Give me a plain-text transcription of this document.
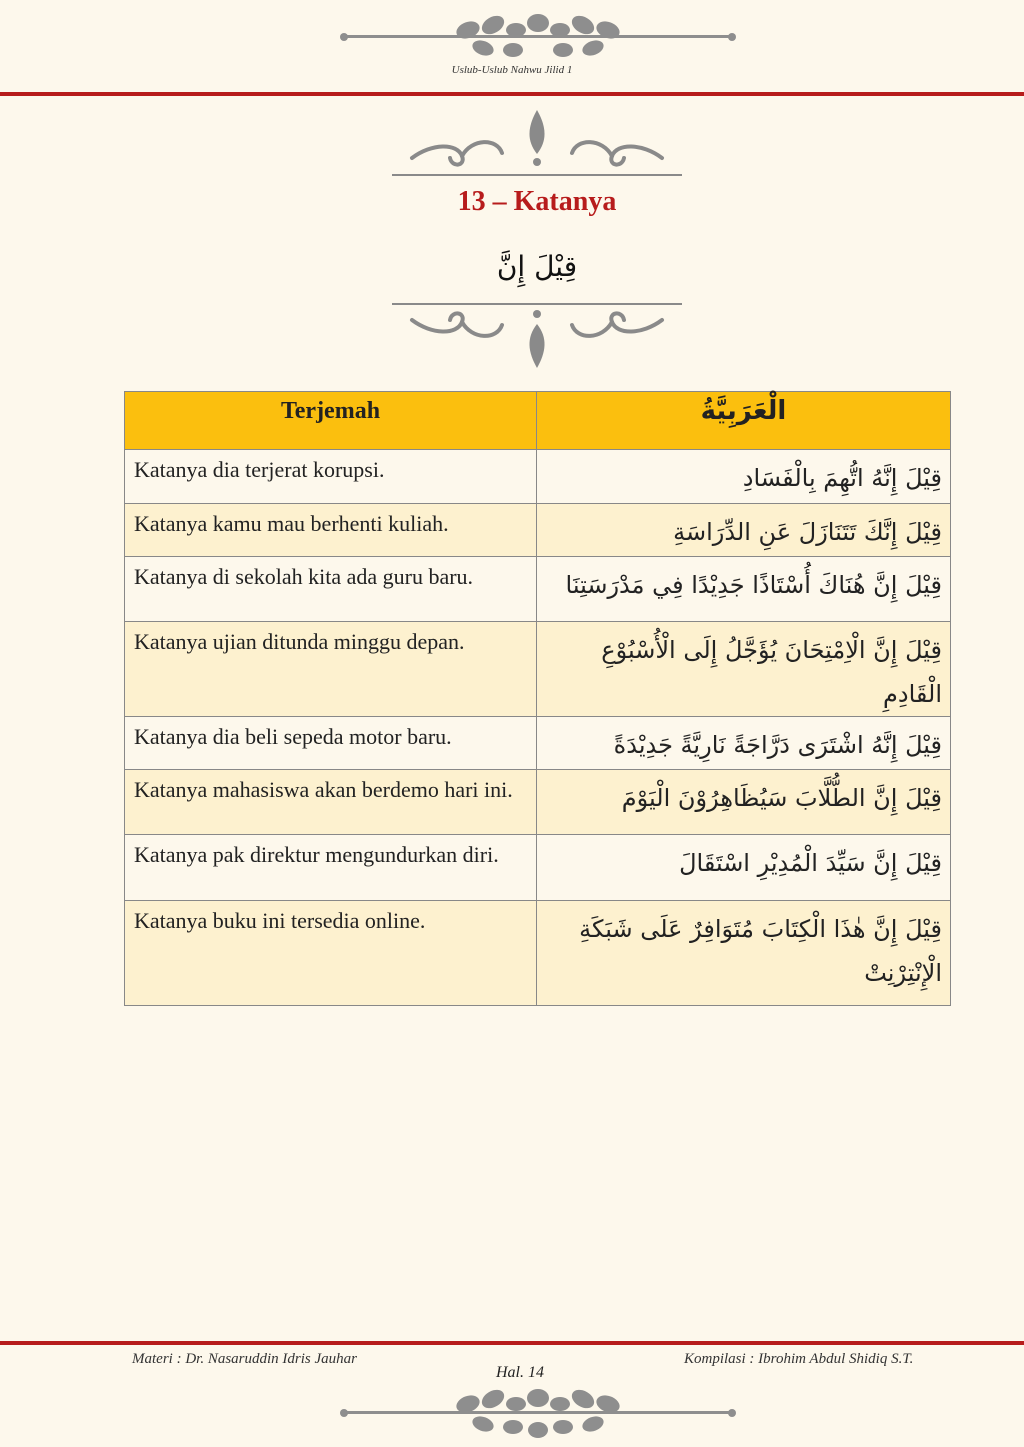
Uslub-Uslub Nahwu Jilid 1
13 – Katanya
قِيْلَ إِنَّ
Terjemah	الْعَرَبِيَّةُ
Katanya dia terjerat korupsi.	قِيْلَ إِنَّهُ اتُّهِمَ بِالْفَسَادِ
Katanya kamu mau berhenti kuliah.	قِيْلَ إِنَّكَ تَتَنَازَلَ عَنِ الدِّرَاسَةِ
Katanya di sekolah kita ada guru baru.	قِيْلَ إِنَّ هُنَاكَ أُسْتَاذًا جَدِيْدًا فِي مَدْرَسَتِنَا
Katanya ujian ditunda minggu depan.	قِيْلَ إِنَّ الْاِمْتِحَانَ يُؤَجَّلُ إِلَى الْأُسْبُوْعِ الْقَادِمِ
Katanya dia beli sepeda motor baru.	قِيْلَ إِنَّهُ اشْتَرَى دَرَّاجَةً نَارِيَّةً جَدِيْدَةً
Katanya mahasiswa akan berdemo hari ini.	قِيْلَ إِنَّ الطُّلَّابَ سَيُظَاهِرُوْنَ الْيَوْمَ
Katanya pak direktur mengundurkan diri.	قِيْلَ إِنَّ سَيِّدَ الْمُدِيْرِ اسْتَقَالَ
Katanya buku ini tersedia online.	قِيْلَ إِنَّ هٰذَا الْكِتَابَ مُتَوَافِرٌ عَلَى شَبَكَةِ الْإِنْتِرْنِتْ
Materi : Dr. Nasaruddin Idris Jauhar	Kompilasi : Ibrohim Abdul Shidiq S.T.
Hal. 14
